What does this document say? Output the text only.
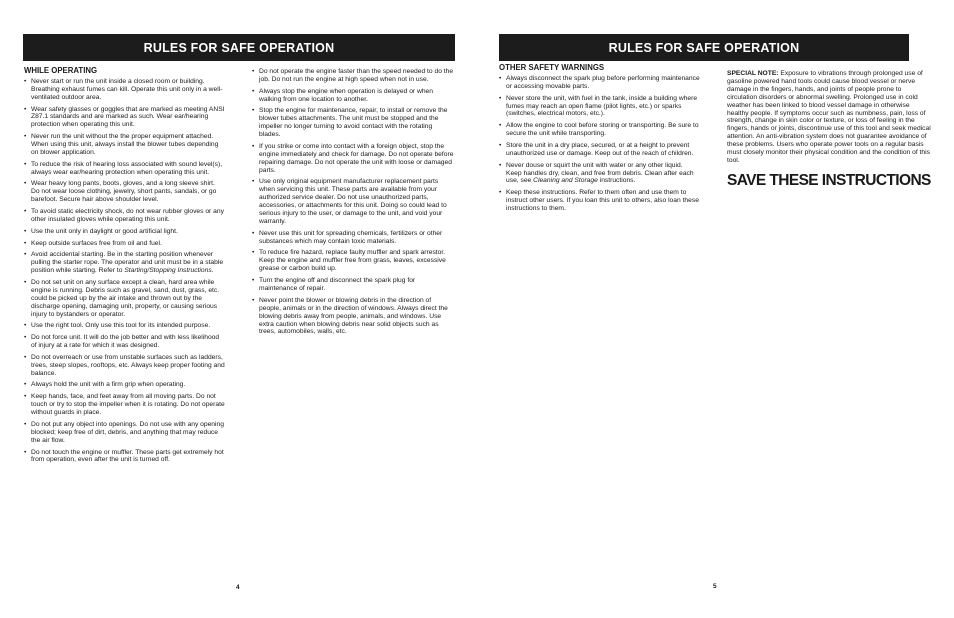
RULES FOR SAFE OPERATION
WHILE OPERATING
• Never start or run the unit inside a closed room or building. Breathing exhaust fumes can kill. Operate this unit only in a well-ventilated outdoor area.
• Wear safety glasses or goggles that are marked as meeting ANSI Z87.1 standards and are marked as such. Wear ear/hearing protection when operating this unit.
• Never run the unit without the the proper equipment attached. When using this unit, always install the blower tubes depending on blower application.
• To reduce the risk of hearing loss associated with sound level(s), always wear ear/hearing protection when operating this unit.
• Wear heavy long pants, boots, gloves, and a long sleeve shirt. Do not wear loose clothing, jewelry, short pants, sandals, or go barefoot. Secure hair above shoulder level.
• To avoid static electricity shock, do not wear rubber gloves or any other insulated gloves while operating this unit.
• Use the unit only in daylight or good artificial light.
• Keep outside surfaces free from oil and fuel.
• Avoid accidental starting. Be in the starting position whenever pulling the starter rope. The operator and unit must be in a stable position while starting. Refer to Starting/Stopping Instructions.
• Do not set unit on any surface except a clean, hard area while engine is running. Debris such as gravel, sand, dust, grass, etc. could be picked up by the air intake and thrown out by the discharge opening, damaging unit, property, or causing serious injury to bystanders or operator.
• Use the right tool. Only use this tool for its intended purpose.
• Do not force unit. It will do the job better and with less likelihood of injury at a rate for which it was designed.
• Do not overreach or use from unstable surfaces such as ladders, trees, steep slopes, rooftops, etc. Always keep proper footing and balance.
• Always hold the unit with a firm grip when operating.
• Keep hands, face, and feet away from all moving parts. Do not touch or try to stop the impeller when it is rotating. Do not operate without guards in place.
• Do not put any object into openings. Do not use with any opening blocked; keep free of dirt, debris, and anything that may reduce the air flow.
• Do not touch the engine or muffler. These parts get extremely hot from operation, even after the unit is turned off.
• Do not operate the engine faster than the speed needed to do the job. Do not run the engine at high speed when not in use.
• Always stop the engine when operation is delayed or when walking from one location to another.
• Stop the engine for maintenance, repair, to install or remove the blower tubes attachments. The unit must be stopped and the impeller no longer turning to avoid contact with the rotating blades.
• If you strike or come into contact with a foreign object, stop the engine immediately and check for damage. Do not operate before repairing damage. Do not operate the unit with loose or damaged parts.
• Use only original equipment manufacturer replacement parts when servicing this unit. These parts are available from your authorized service dealer. Do not use unauthorized parts, accessories, or attachments for this unit. Doing so could lead to serious injury to the user, or damage to the unit, and void your warranty.
• Never use this unit for spreading chemicals, fertilizers or other substances which may contain toxic materials.
• To reduce fire hazard, replace faulty muffler and spark arrestor. Keep the engine and muffler free from grass, leaves, excessive grease or carbon build up.
• Turn the engine off and disconnect the spark plug for maintenance of repair.
• Never point the blower or blowing debris in the direction of people, animals or in the direction of windows. Always direct the blowing debris away from people, animals, and windows. Use extra caution when blowing debris near solid objects such as trees, automobiles, walls, etc.
4
RULES FOR SAFE OPERATION
OTHER SAFETY WARNINGS
• Always disconnect the spark plug before performing maintenance or accessing movable parts.
• Never store the unit, with fuel in the tank, inside a building where fumes may reach an open flame (pilot lights, etc.) or sparks (switches, electrical motors, etc.).
• Allow the engine to cool before storing or transporting. Be sure to secure the unit while transporting.
• Store the unit in a dry place, secured, or at a height to prevent unauthorized use or damage. Keep out of the reach of children.
• Never douse or squirt the unit with water or any other liquid. Keep handles dry, clean, and free from debris. Clean after each use, see Cleaning and Storage instructions.
• Keep these instructions. Refer to them often and use them to instruct other users. If you loan this unit to others, also loan these instructions to them.
SPECIAL NOTE: Exposure to vibrations through prolonged use of gasoline powered hand tools could cause blood vessel or nerve damage in the fingers, hands, and joints of people prone to circulation disorders or abnormal swelling. Prolonged use in cold weather has been linked to blood vessel damage in otherwise healthy people. If symptoms occur such as numbness, pain, loss of strength, change in skin color or texture, or loss of feeling in the fingers, hands or joints, discontinue use of this tool and seek medical attention. An anti-vibration system does not guarantee avoidance of these problems. Users who operate power tools on a regular basis must closely monitor their physical condition and the condition of this tool.
SAVE THESE INSTRUCTIONS
5
